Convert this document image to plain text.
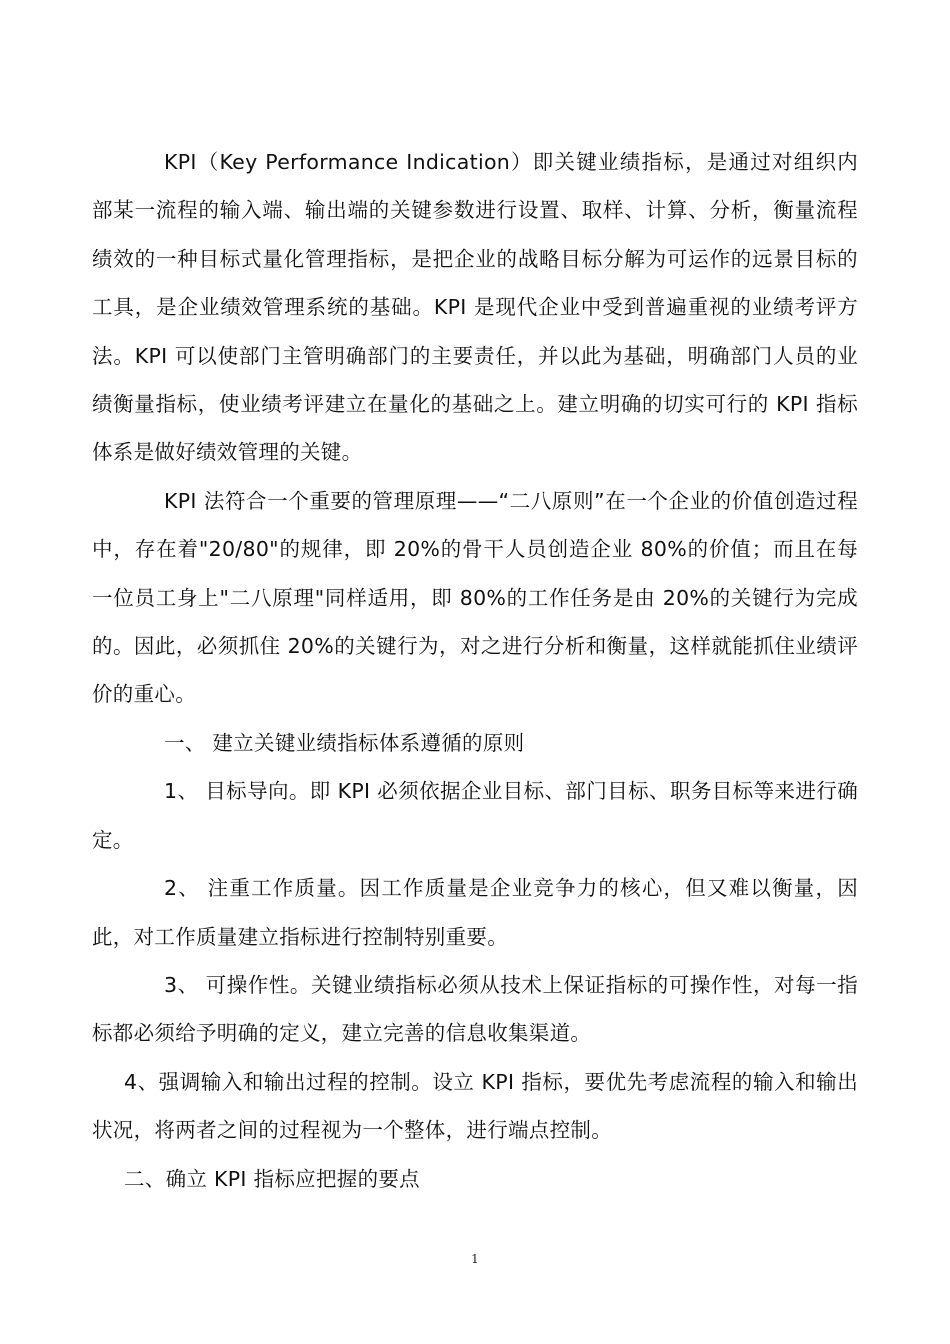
KPI（Key Performance Indication）即关键业绩指标，是通过对组织内部某一流程的输入端、输出端的关键参数进行设置、取样、计算、分析，衡量流程绩效的一种目标式量化管理指标，是把企业的战略目标分解为可运作的远景目标的工具，是企业绩效管理系统的基础。KPI 是现代企业中受到普遍重视的业绩考评方法。KPI 可以使部门主管明确部门的主要责任，并以此为基础，明确部门人员的业绩衡量指标，使业绩考评建立在量化的基础之上。建立明确的切实可行的 KPI 指标体系是做好绩效管理的关键。

KPI 法符合一个重要的管理原理——“二八原则”在一个企业的价值创造过程中，存在着"20/80"的规律，即 20%的骨干人员创造企业 80%的价值；而且在每一位员工身上"二八原理"同样适用，即 80%的工作任务是由 20%的关键行为完成的。因此，必须抓住 20%的关键行为，对之进行分析和衡量，这样就能抓住业绩评价的重心。

一、 建立关键业绩指标体系遵循的原则

1、 目标导向。即 KPI 必须依据企业目标、部门目标、职务目标等来进行确定。

2、 注重工作质量。因工作质量是企业竞争力的核心，但又难以衡量，因此，对工作质量建立指标进行控制特别重要。

3、 可操作性。关键业绩指标必须从技术上保证指标的可操作性，对每一指标都必须给予明确的定义，建立完善的信息收集渠道。

4、强调输入和输出过程的控制。设立 KPI 指标，要优先考虑流程的输入和输出状况，将两者之间的过程视为一个整体，进行端点控制。

二、确立 KPI 指标应把握的要点

1
